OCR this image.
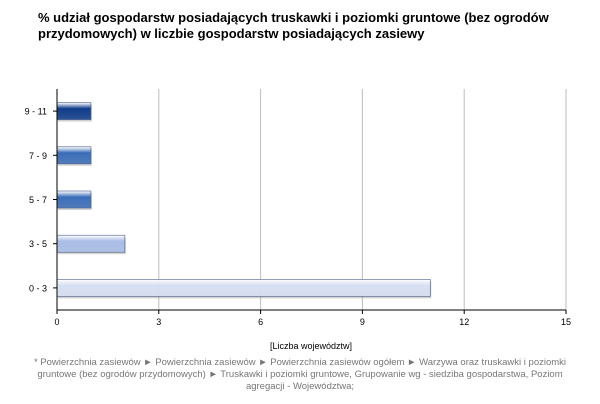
% udział gospodarstw posiadających truskawki i poziomki gruntowe (bez ogrodów przydomowych) w liczbie gospodarstw posiadających zasiewy
9 - 11
7 - 9
5 - 7
3 - 5
0 - 3
0	3	6	9	12	15
[Liczba województw]
* Powierzchnia zasiewów ► Powierzchnia zasiewów ► Powierzchnia zasiewów ogółem ► Warzywa oraz truskawki i poziomki gruntowe (bez ogrodów przydomowych) ► Truskawki i poziomki gruntowe, Grupowanie wg - siedziba gospodarstwa, Poziom agregacji - Województwa;
